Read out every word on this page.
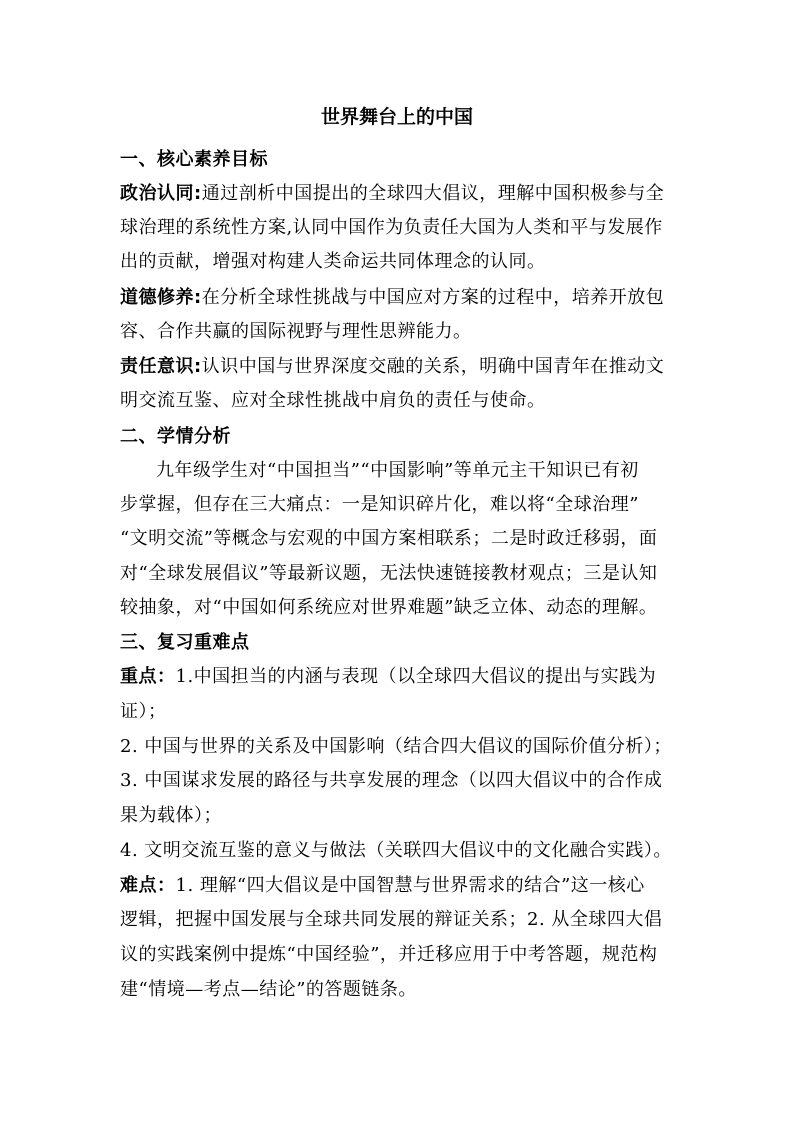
世界舞台上的中国
一、核心素养目标
政治认同:通过剖析中国提出的全球四大倡议，理解中国积极参与全
球治理的系统性方案,认同中国作为负责任大国为人类和平与发展作
出的贡献，增强对构建人类命运共同体理念的认同。
道德修养:在分析全球性挑战与中国应对方案的过程中，培养开放包
容、合作共赢的国际视野与理性思辨能力。
责任意识:认识中国与世界深度交融的关系，明确中国青年在推动文
明交流互鉴、应对全球性挑战中肩负的责任与使命。
二、学情分析
九年级学生对“中国担当”“中国影响”等单元主干知识已有初
步掌握，但存在三大痛点：一是知识碎片化，难以将“全球治理”
“文明交流”等概念与宏观的中国方案相联系；二是时政迁移弱，面
对“全球发展倡议”等最新议题，无法快速链接教材观点；三是认知
较抽象，对“中国如何系统应对世界难题”缺乏立体、动态的理解。
三、复习重难点
重点：1.中国担当的内涵与表现（以全球四大倡议的提出与实践为
证）；
2. 中国与世界的关系及中国影响（结合四大倡议的国际价值分析）；
3. 中国谋求发展的路径与共享发展的理念（以四大倡议中的合作成
果为载体）；
4. 文明交流互鉴的意义与做法（关联四大倡议中的文化融合实践）。
难点：1. 理解“四大倡议是中国智慧与世界需求的结合”这一核心
逻辑，把握中国发展与全球共同发展的辩证关系；2. 从全球四大倡
议的实践案例中提炼“中国经验”，并迁移应用于中考答题，规范构
建“情境—考点—结论”的答题链条。
